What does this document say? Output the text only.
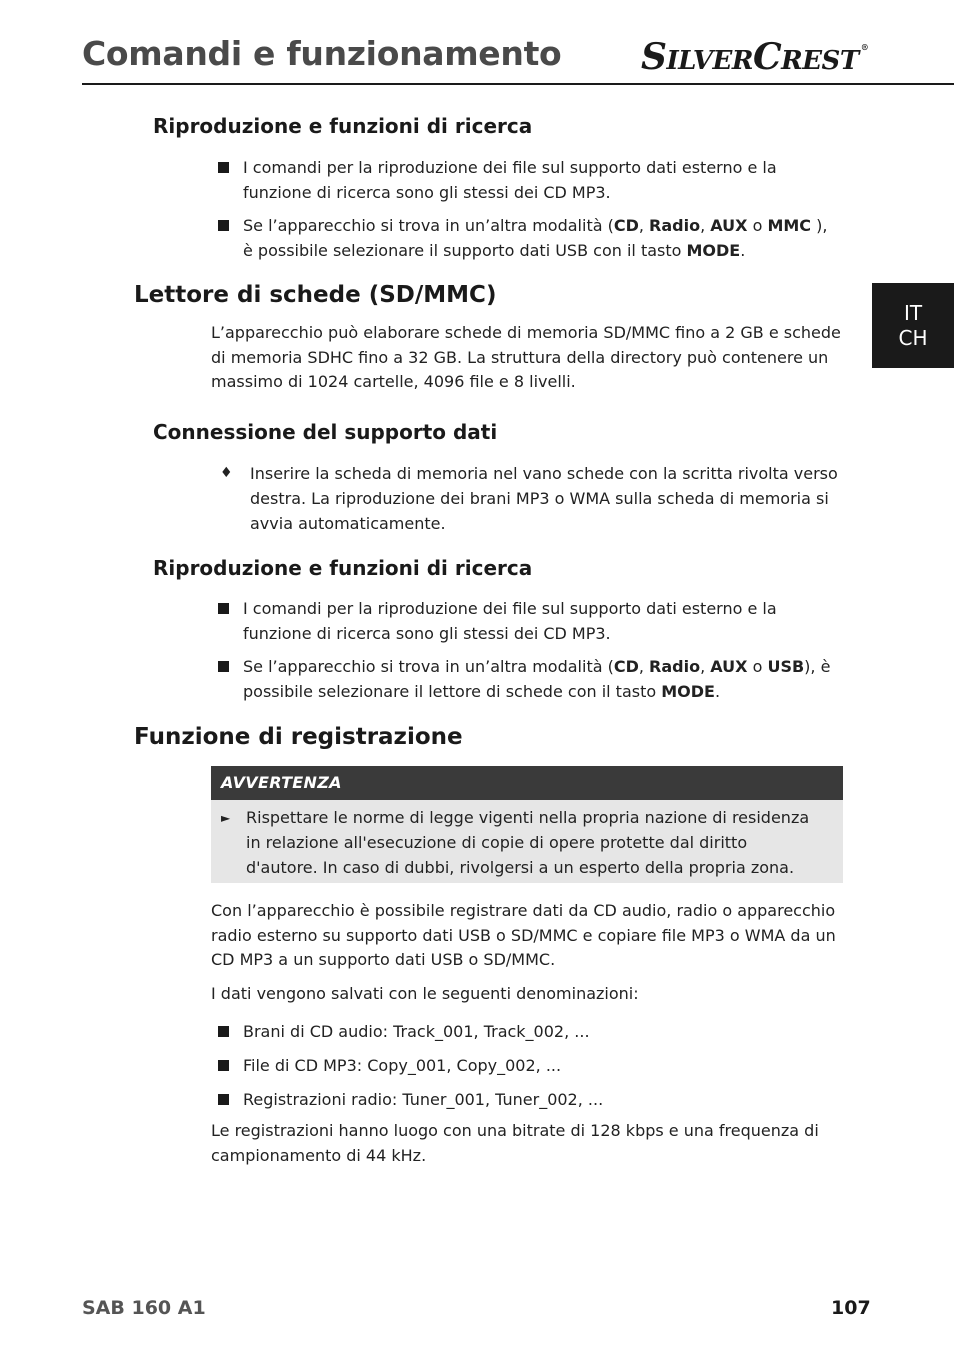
Comandi e funzionamento SILVERCREST ®
IT
CH
Riproduzione e funzioni di ricerca
I comandi per la riproduzione dei file sul supporto dati esterno e la funzione di ricerca sono gli stessi dei CD MP3.
Se l’apparecchio si trova in un’altra modalità (CD, Radio, AUX o MMC ), è possibile selezionare il supporto dati USB con il tasto MODE.
Lettore di schede (SD/MMC)

L’apparecchio può elaborare schede di memoria SD/MMC fino a 2 GB e schede di memoria SDHC fino a 32 GB. La struttura della directory può contenere un massimo di 1024 cartelle, 4096 file e 8 livelli.

Connessione del supporto dati
♦ Inserire la scheda di memoria nel vano schede con la scritta rivolta verso destra. La riproduzione dei brani MP3 o WMA sulla scheda di memoria si avvia automaticamente.
Riproduzione e funzioni di ricerca
I comandi per la riproduzione dei file sul supporto dati esterno e la funzione di ricerca sono gli stessi dei CD MP3.
Se l’apparecchio si trova in un’altra modalità (CD, Radio, AUX o USB), è possibile selezionare il lettore di schede con il tasto MODE.
Funzione di registrazione
AVVERTENZA
► Rispettare le norme di legge vigenti nella propria nazione di residenza in relazione all'esecuzione di copie di opere protette dal diritto d'autore. In caso di dubbi, rivolgersi a un esperto della propria zona.

Con l’apparecchio è possibile registrare dati da CD audio, radio o apparecchio radio esterno su supporto dati USB o SD/MMC e copiare file MP3 o WMA da un CD MP3 a un supporto dati USB o SD/MMC.

I dati vengono salvati con le seguenti denominazioni:

Brani di CD audio: Track_001, Track_002, ...
File di CD MP3: Copy_001, Copy_002, ...
Registrazioni radio: Tuner_001, Tuner_002, ...

Le registrazioni hanno luogo con una bitrate di 128 kbps e una frequenza di campionamento di 44 kHz.

SAB 160 A1	107
